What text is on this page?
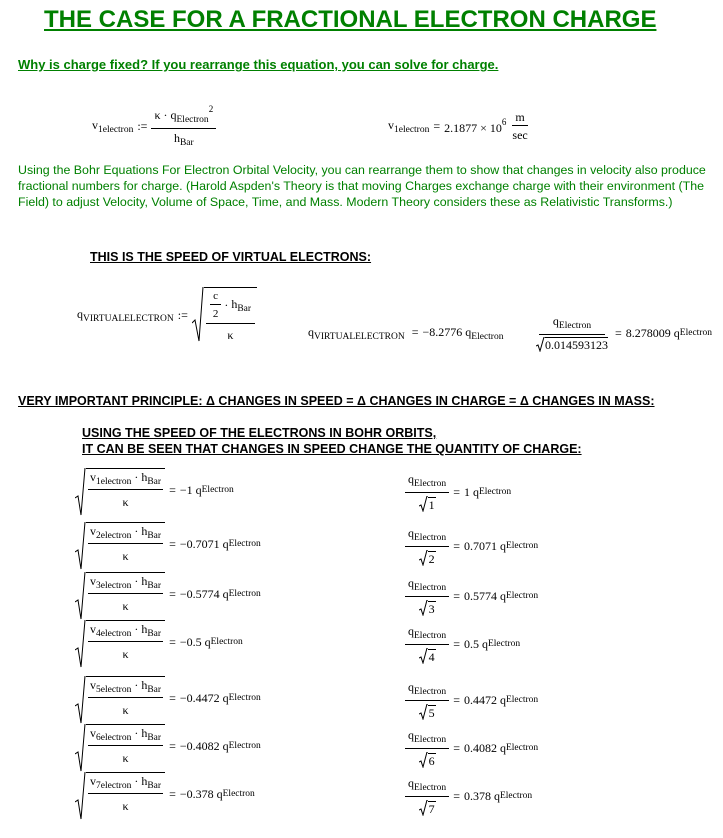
THE CASE FOR A FRACTIONAL ELECTRON CHARGE
Why is charge fixed? If you rearrange this equation, you can solve for charge.
$v_{1electron}$ := $\frac{\kappa \cdot q_{Electron}^2}{h_{Bar}}$	$v_{1electron} = 2.1877 \times 10^6 \frac{m}{\sec}$
Using the Bohr Equations For Electron Orbital Velocity, you can rearrange them to show that changes in velocity also produce fractional numbers for charge. (Harold Aspden's Theory is that moving Charges exchange charge with their environment (The Field) to adjust Velocity, Volume of Space, Time, and Mass. Modern Theory considers these as Relativistic Transforms.)
THIS IS THE SPEED OF VIRTUAL ELECTRONS:
$q_{VIRTUALELECTRON}$ := $\frac{c}{2} \cdot h_{Bar}$
κ	$q_{VIRTUALELECTRON} = -8.2776$ $q_{Electron} \frac{q_{Electron}}{0.014593123} = 8.278009$
q Electron
VERY IMPORTANT PRINCIPLE: Δ CHANGES IN SPEED = Δ CHANGES IN CHARGE = Δ CHANGES IN MASS:
USING THE SPEED OF THE ELECTRONS IN BOHR ORBITS,
IT CAN BE SEEN THAT CHANGES IN SPEED CHANGE THE QUANTITY OF CHARGE:
$v_{1electron} \cdot h_{Bar}$
κ
= −1
q Electron	$\frac{q_{Electron}}{1} = 1$
q Electron
$v_{2electron} \cdot h_{Bar}$
κ
= −0.7071
q Electron	$\frac{q_{Electron}}{2} = 0.7071$
q Electron
$v_{3electron} \cdot h_{Bar}$
κ
= −0.5774
q Electron	$\frac{q_{Electron}}{3} = 0.5774$
q Electron
$v_{4electron} \cdot h_{Bar}$
κ
= −0.5
q Electron	$\frac{q_{Electron}}{4} = 0.5$
q Electron
$v_{5electron} \cdot h_{Bar}$
κ
= −0.4472
q Electron	$\frac{q_{Electron}}{5} = 0.4472$
q Electron
$v_{6electron} \cdot h_{Bar}$
κ
= −0.4082
q Electron	$\frac{q_{Electron}}{6} = 0.4082$
q Electron
$v_{7electron} \cdot h_{Bar}$
κ
= −0.378
q Electron	$\frac{q_{Electron}}{7} = 0.378$
q Electron
